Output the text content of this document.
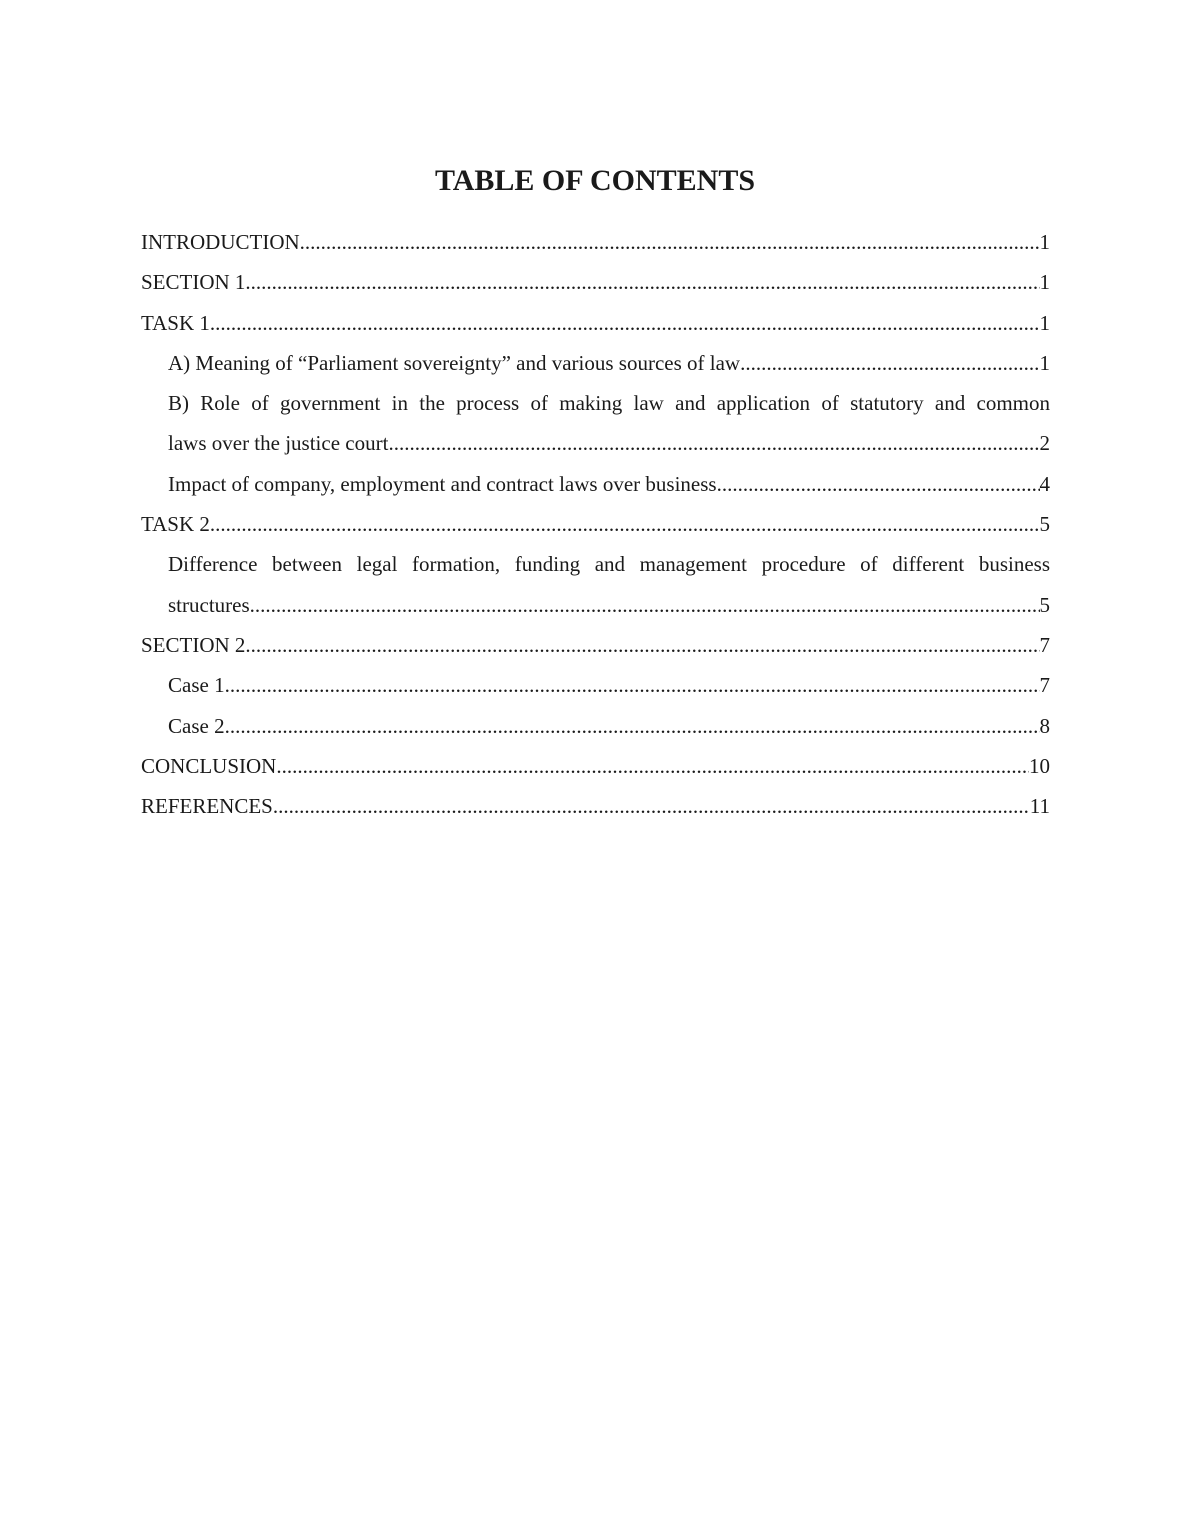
TABLE OF CONTENTS
INTRODUCTION .....	1
SECTION 1 .....	1
TASK 1 .....	1
A) Meaning of “Parliament sovereignty” and various sources of law .....	1
B) Role of government in the process of making law and application of statutory and common
laws over the justice court .....	2
Impact of company, employment and contract laws over business .....	4
TASK 2 .....	5
Difference between legal formation, funding and management procedure of different business
structures .....	5
SECTION 2 .....	7
Case 1 .....	7
Case 2 .....	8
CONCLUSION .....	10
REFERENCES .....	11
